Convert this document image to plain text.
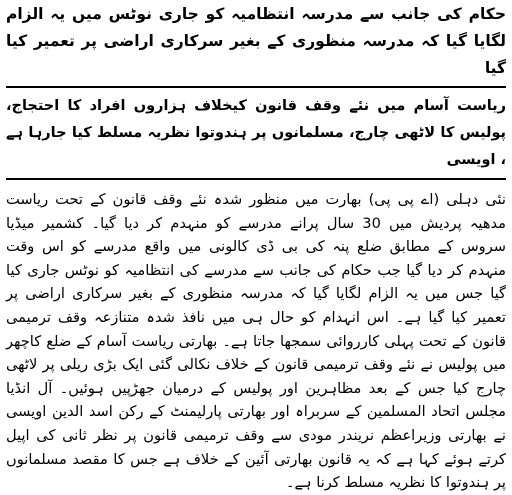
حکام کی جانب سے مدرسہ انتظامیہ کو جاری نوٹس میں یہ الزام لگایا گیا کہ مدرسہ منظوری کے بغیر سرکاری اراضی پر تعمیر کیا گیا
ریاست آسام میں نئے وقف قانون کیخلاف ہزاروں افراد کا احتجاج، پولیس کا لاٹھی چارج، مسلمانوں پر ہندوتوا نظریہ مسلط کیا جارہا ہے ، اویسی
نئی دہلی (اے پی پی) بھارت میں منظور شدہ نئے وقف قانون کے تحت ریاست مدھیہ پردیش میں 30 سال پرانے مدرسے کو منہدم کر دیا گیا۔ کشمیر میڈیا سروس کے مطابق ضلع پنہ کی بی ڈی کالونی میں واقع مدرسے کو اس وقت منہدم کر دیا گیا جب حکام کی جانب سے مدرسے کی انتظامیہ کو نوٹس جاری کیا گیا جس میں یہ الزام لگایا گیا کہ مدرسہ منظوری کے بغیر سرکاری اراضی پر تعمیر کیا گیا ہے۔ اس انہدام کو حال ہی میں نافذ شدہ متنازعہ وقف ترمیمی قانون کے تحت پہلی کارروائی سمجھا جاتا ہے۔ بھارتی ریاست آسام کے ضلع کاچھر میں پولیس نے نئے وقف ترمیمی قانون کے خلاف نکالی گئی ایک بڑی ریلی پر لاٹھی چارج کیا جس کے بعد مظاہرین اور پولیس کے درمیان جھڑپیں ہوئیں۔ آل انڈیا مجلس اتحاد المسلمین کے سربراہ اور بھارتی پارلیمنٹ کے رکن اسد الدین اویسی نے بھارتی وزیراعظم نریندر مودی سے وقف ترمیمی قانون پر نظر ثانی کی اپیل کرتے ہوئے کہا ہے کہ یہ قانون بھارتی آئین کے خلاف ہے جس کا مقصد مسلمانوں پر ہندوتوا کا نظریہ مسلط کرنا ہے۔
